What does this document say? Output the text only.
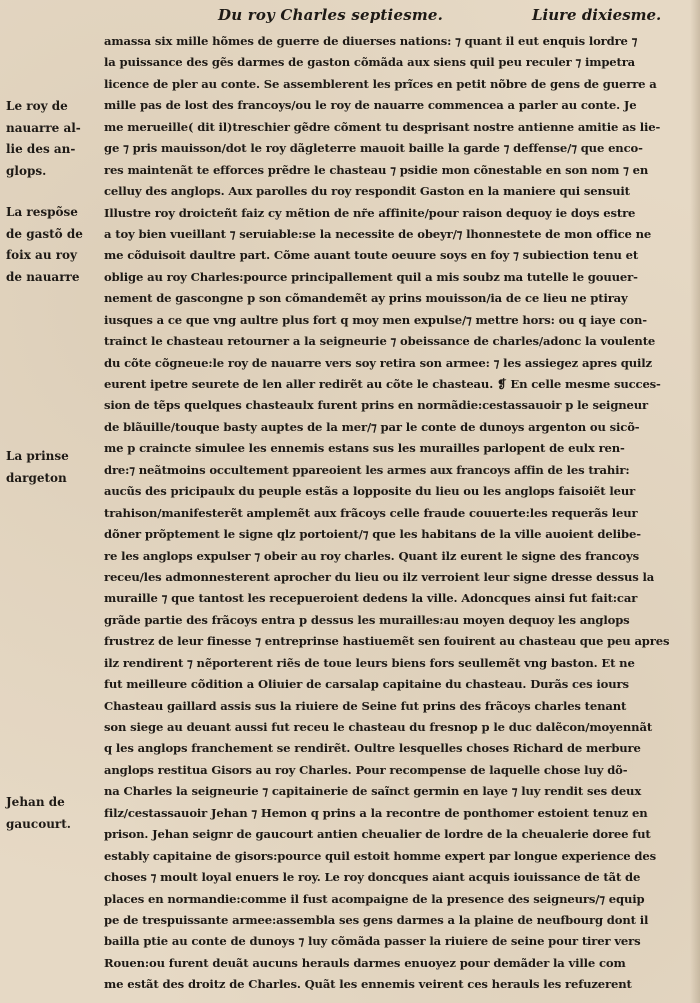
Du roy Charles septiesme.	Liure dixiesme.
Le roy de
nauarre al-
lie des an-
glops.
La respõse
de gastõ de
foix au roy
de nauarre
La prinse
dargeton
Jehan de
gaucourt.
amassa six mille hõmes de guerre de diuerses nations: ⁊ quant il eut enquis lordre ⁊
la puissance des gẽs darmes de gaston cõmãda aux siens quil peu reculer ⁊ impetra
licence de pler au conte. Se assemblerent les prĩces en petit nõbre de gens de guerre a
mille pas de lost des francoys/ou le roy de nauarre commencea a parler au conte. Je
me merueille( dit il)treschier gẽdre cõment tu desprisant nostre antienne amitie as lie-
ge ⁊ pris mauisson/dot le roy dãgleterre mauoit baille la garde ⁊ deffense/⁊ que enco-
res maintenãt te efforces prẽdre le chasteau ⁊ psidie mon cõnestable en son nom ⁊ en
celluy des anglops. Aux parolles du roy respondit Gaston en la maniere qui sensuit
Illustre roy droicteñt faiz cy mẽtion de nr̃e affinite/pour raison dequoy ie doys estre
a toy bien vueillant ⁊ seruiable:se la necessite de obeyr/⁊ lhonnestete de mon office ne
me cõduisoit daultre part. Cõme auant toute oeuure soys en foy ⁊ subiection tenu et
oblige au roy Charles:pource principallement quil a mis soubz ma tutelle le gouuer-
nement de gascongne p son cõmandemẽt ay prins mouisson/ia de ce lieu ne ptiray
iusques a ce que vng aultre plus fort q moy men expulse/⁊ mettre hors: ou q iaye con-
trainct le chasteau retourner a la seigneurie ⁊ obeissance de charles/adonc la voulente
du cõte cõgneue:le roy de nauarre vers soy retira son armee: ⁊ les assiegez apres quilz
eurent ipetre seurete de len aller redirẽt au cõte le chasteau. ❡ En celle mesme succes-
sion de tẽps quelques chasteaulx furent prins en normãdie:cestassauoir p le seigneur
de blãuille/touque basty auptes de la mer/⁊ par le conte de dunoys argenton ou sicõ-
me p craincte simulee les ennemis estans sus les murailles parlopent de eulx ren-
dre:⁊ neãtmoins occultement ppareoient les armes aux francoys affin de les trahir:
aucũs des pricipaulx du peuple estãs a lopposite du lieu ou les anglops faisoiẽt leur
trahison/manifesterẽt amplemẽt aux frãcoys celle fraude couuerte:les requerãs leur
dõner prõptement le signe qlz portoient/⁊ que les habitans de la ville auoient delibe-
re les anglops expulser ⁊ obeir au roy charles. Quant ilz eurent le signe des francoys
receu/les admonnesterent aprocher du lieu ou ilz verroient leur signe dresse dessus la
muraille ⁊ que tantost les recepueroient dedens la ville. Adoncques ainsi fut fait:car
grãde partie des frãcoys entra p dessus les murailles:au moyen dequoy les anglops
frustrez de leur finesse ⁊ entreprinse hastiuemẽt sen fouirent au chasteau que peu apres
ilz rendirent ⁊ nẽporterent riẽs de toue leurs biens fors seullemẽt vng baston. Et ne
fut meilleure cõdition a Oliuier de carsalap capitaine du chasteau. Durãs ces iours
Chasteau gaillard assis sus la riuiere de Seine fut prins des frãcoys charles tenant
son siege au deuant aussi fut receu le chasteau du fresnop p le duc dalẽcon/moyennãt
q les anglops franchement se rendirẽt. Oultre lesquelles choses Richard de merbure
anglops restitua Gisors au roy Charles. Pour recompense de laquelle chose luy dõ-
na Charles la seigneurie ⁊ capitainerie de saĩnct germin en laye ⁊ luy rendit ses deux
filz/cestassauoir Jehan ⁊ Hemon q prins a la recontre de ponthomer estoient tenuz en
prison. Jehan seignr de gaucourt antien cheualier de lordre de la cheualerie doree fut
estably capitaine de gisors:pource quil estoit homme expert par longue experience des
choses ⁊ moult loyal enuers le roy. Le roy doncques aiant acquis iouissance de tãt de
places en normandie:comme il fust acompaigne de la presence des seigneurs/⁊ equip
pe de trespuissante armee:assembla ses gens darmes a la plaine de neufbourg dont il
bailla ptie au conte de dunoys ⁊ luy cõmãda passer la riuiere de seine pour tirer vers
Rouen:ou furent deuãt aucuns herauls darmes enuoyez pour demãder la ville com
me estãt des droitz de Charles. Quãt les ennemis veirent ces herauls les refuzerent
